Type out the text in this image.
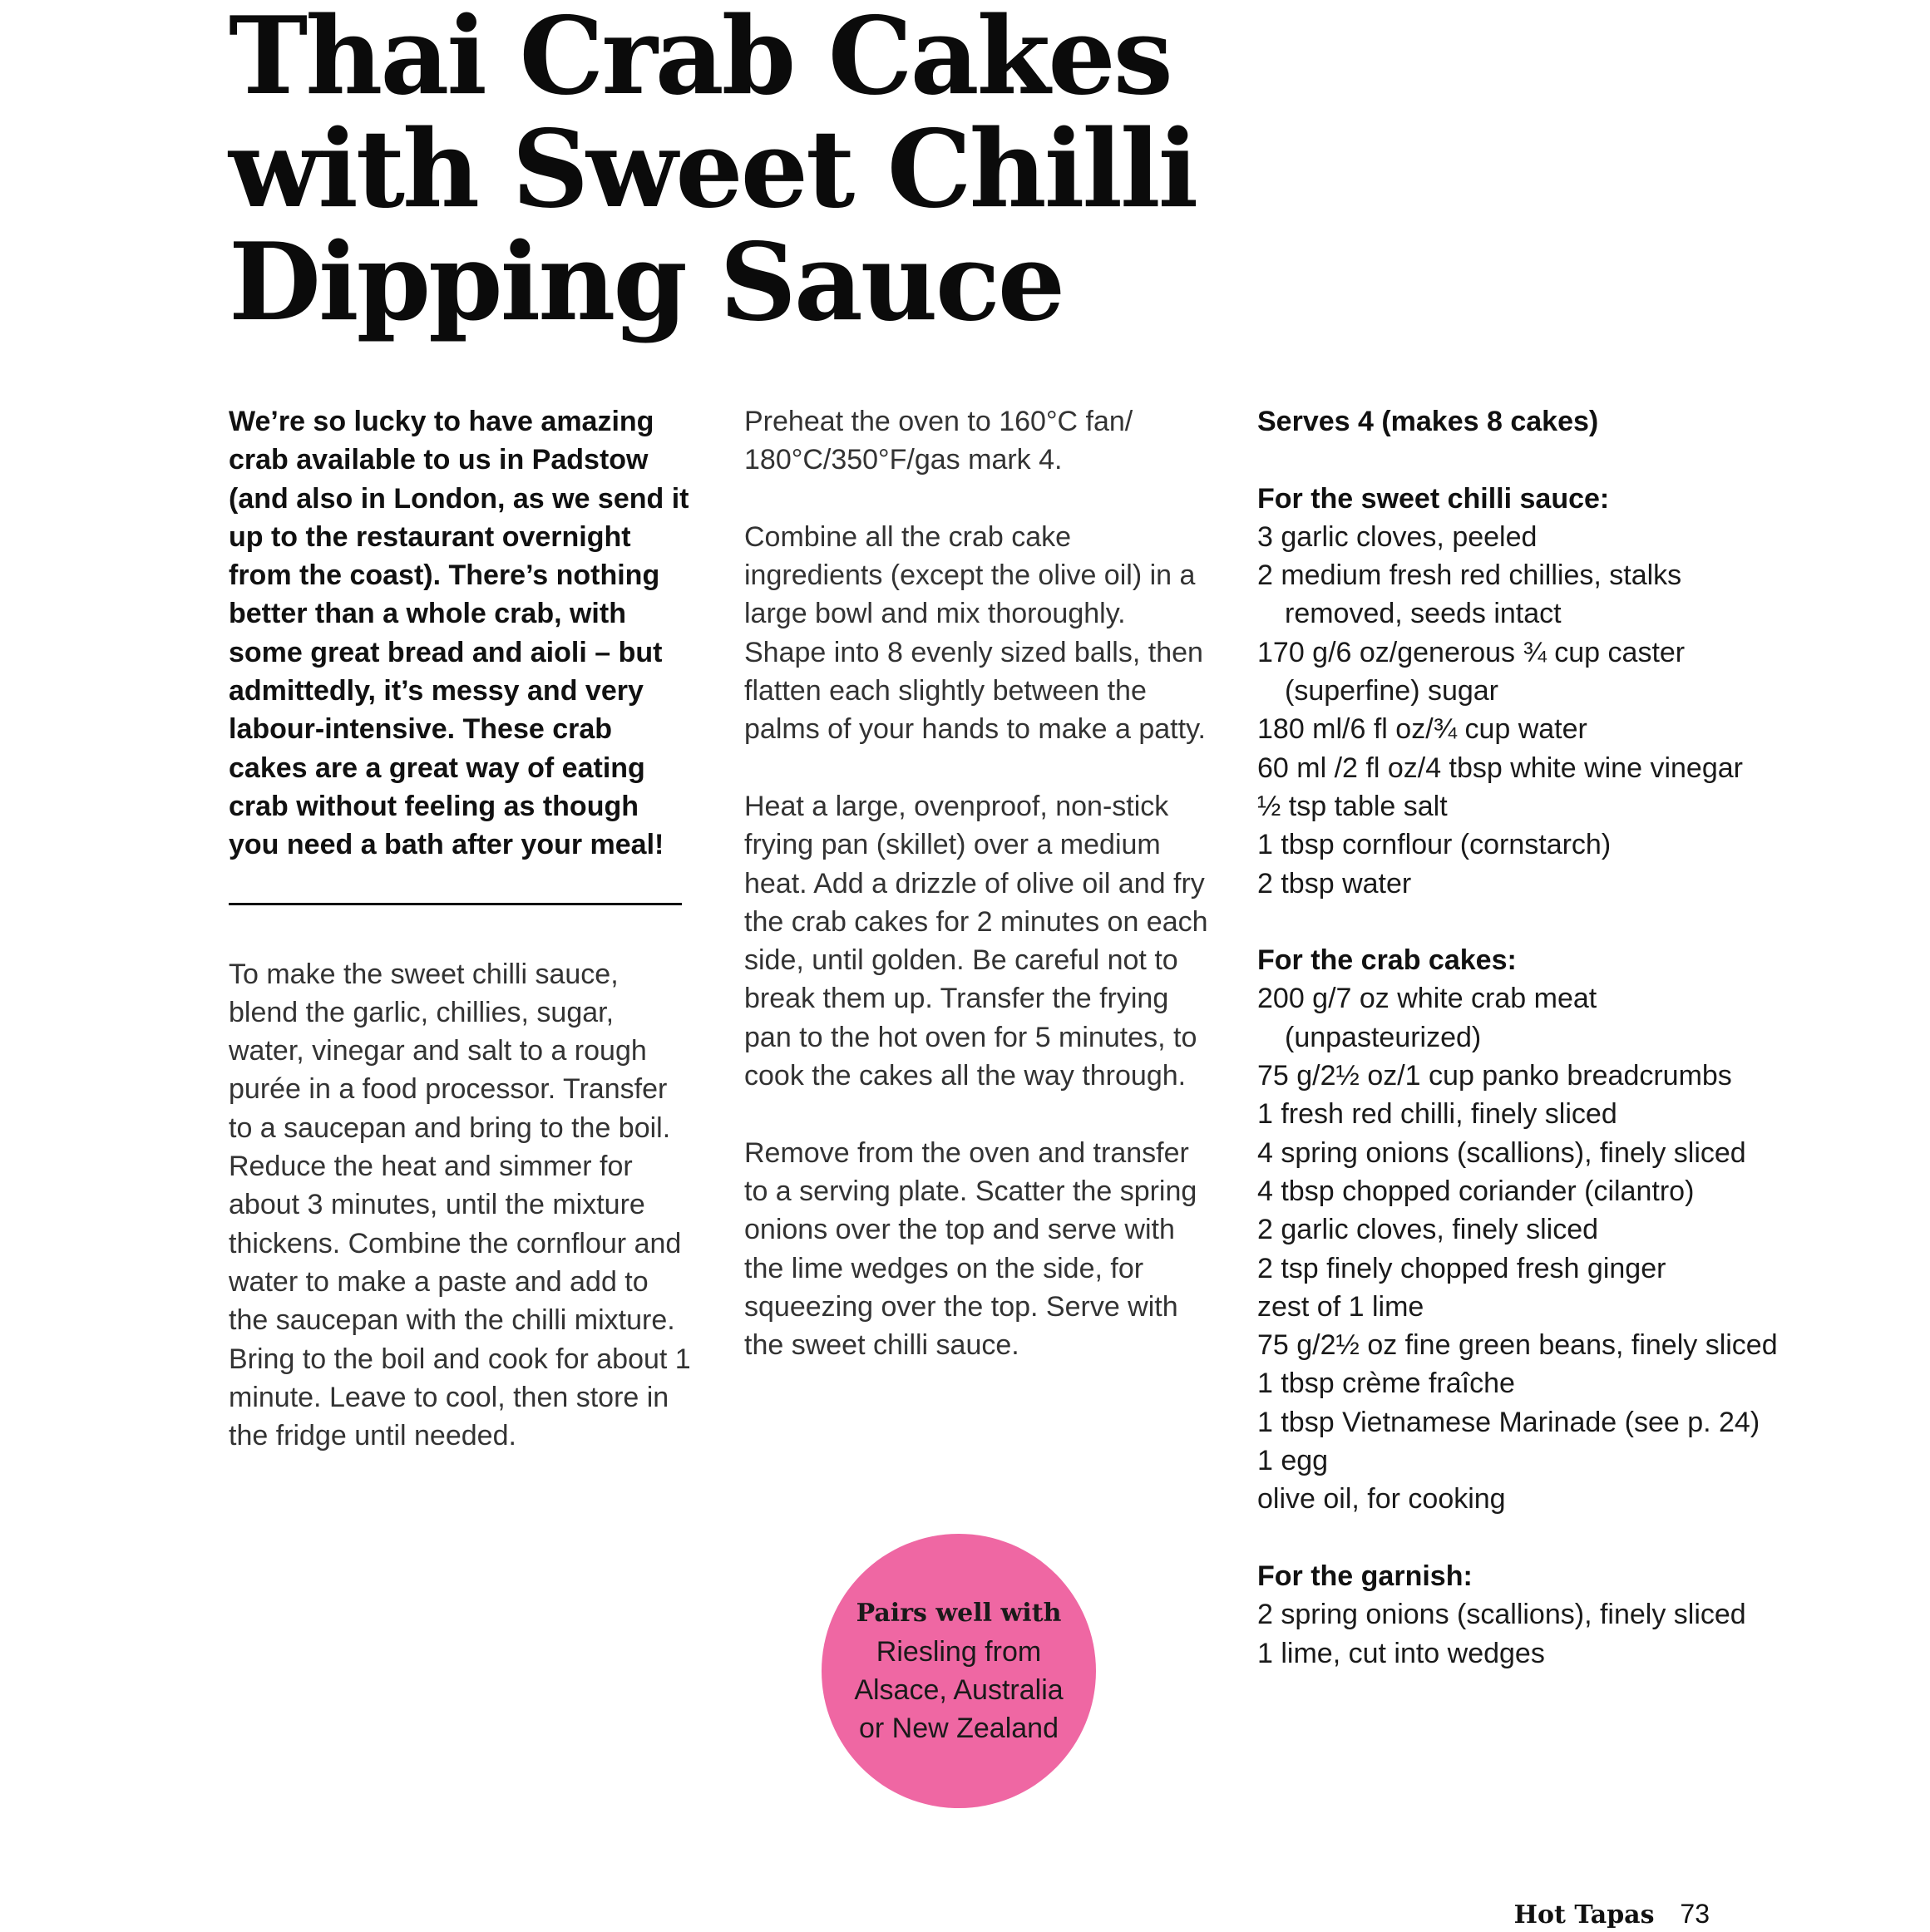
Thai Crab Cakes
with Sweet Chilli
Dipping Sauce

We’re so lucky to have amazing crab available to us in Padstow (and also in London, as we send it up to the restaurant overnight from the coast). There’s nothing better than a whole crab, with some great bread and aioli – but admittedly, it’s messy and very labour-intensive. These crab cakes are a great way of eating crab without feeling as though you need a bath after your meal!

To make the sweet chilli sauce, blend the garlic, chillies, sugar, water, vinegar and salt to a rough purée in a food processor. Transfer to a saucepan and bring to the boil. Reduce the heat and simmer for about 3 minutes, until the mixture thickens. Combine the cornflour and water to make a paste and add to the saucepan with the chilli mixture. Bring to the boil and cook for about 1 minute. Leave to cool, then store in the fridge until needed.

Preheat the oven to 160°C fan/ 180°C/350°F/gas mark 4.

Combine all the crab cake ingredients (except the olive oil) in a large bowl and mix thoroughly. Shape into 8 evenly sized balls, then flatten each slightly between the palms of your hands to make a patty.

Heat a large, ovenproof, non-stick frying pan (skillet) over a medium heat. Add a drizzle of olive oil and fry the crab cakes for 2 minutes on each side, until golden. Be careful not to break them up. Transfer the frying pan to the hot oven for 5 minutes, to cook the cakes all the way through.

Remove from the oven and transfer to a serving plate. Scatter the spring onions over the top and serve with the lime wedges on the side, for squeezing over the top. Serve with the sweet chilli sauce.

Serves 4 (makes 8 cakes)

For the sweet chilli sauce:

3 garlic cloves, peeled
2 medium fresh red chillies, stalks removed, seeds intact
170 g/6 oz/generous ¾ cup caster (superfine) sugar
180 ml/6 fl oz/¾ cup water
60 ml /2 fl oz/4 tbsp white wine vinegar
½ tsp table salt
1 tbsp cornflour (cornstarch)
2 tbsp water

For the crab cakes:

200 g/7 oz white crab meat (unpasteurized)
75 g/2½ oz/1 cup panko breadcrumbs
1 fresh red chilli, finely sliced
4 spring onions (scallions), finely sliced
4 tbsp chopped coriander (cilantro)
2 garlic cloves, finely sliced
2 tsp finely chopped fresh ginger
zest of 1 lime
75 g/2½ oz fine green beans, finely sliced
1 tbsp crème fraîche
1 tbsp Vietnamese Marinade (see p. 24)
1 egg
olive oil, for cooking

For the garnish:

2 spring onions (scallions), finely sliced
1 lime, cut into wedges
Pairs well with
Riesling from
Alsace, Australia
or New Zealand
Hot Tapas 73
